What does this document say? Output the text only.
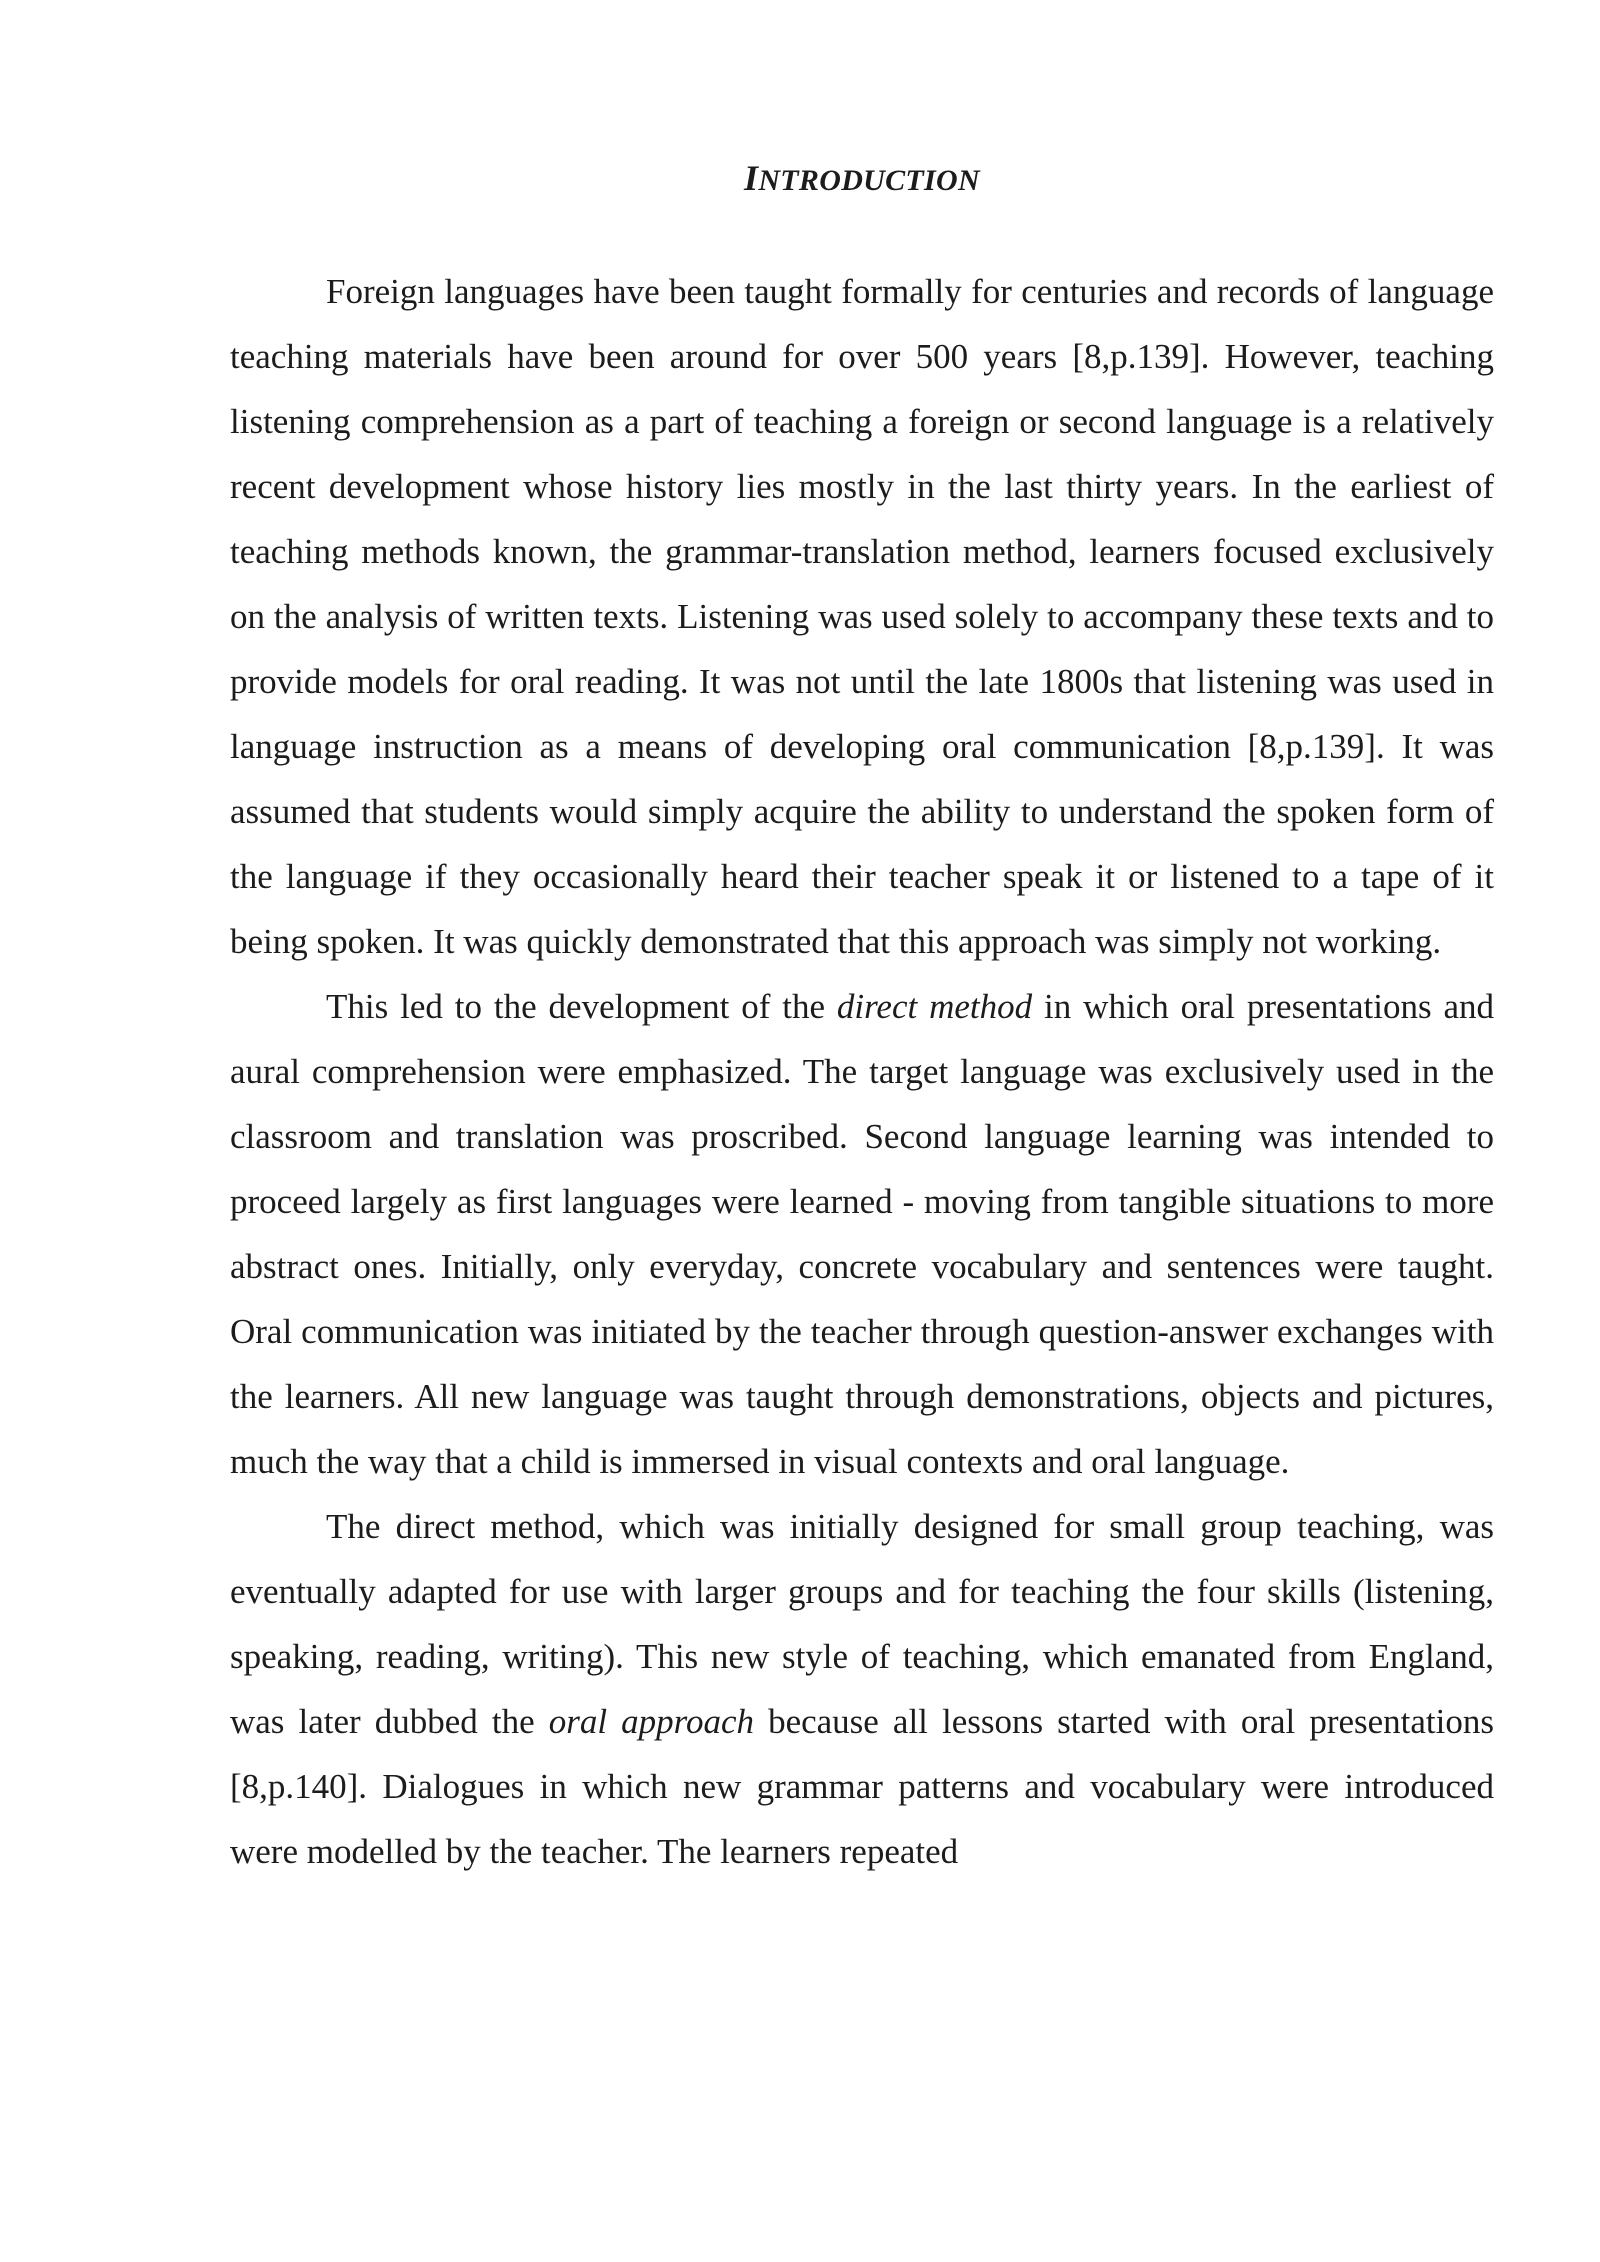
INTRODUCTION

Foreign languages have been taught formally for centuries and records of language teaching materials have been around for over 500 years [8,p.139]. However, teaching listening comprehension as a part of teaching a foreign or second language is a relatively recent development whose history lies mostly in the last thirty years. In the earliest of teaching methods known, the grammar-translation method, learners focused exclusively on the analysis of written texts. Listening was used solely to accompany these texts and to provide models for oral reading. It was not until the late 1800s that listening was used in language instruction as a means of developing oral communication [8,p.139]. It was assumed that students would simply acquire the ability to understand the spoken form of the language if they occasionally heard their teacher speak it or listened to a tape of it being spoken. It was quickly demonstrated that this approach was simply not working.

This led to the development of the direct method in which oral presentations and aural comprehension were emphasized. The target language was exclusively used in the classroom and translation was proscribed. Second language learning was intended to proceed largely as first languages were learned - moving from tangible situations to more abstract ones. Initially, only everyday, concrete vocabulary and sentences were taught. Oral communication was initiated by the teacher through question-answer exchanges with the learners. All new language was taught through demonstrations, objects and pictures, much the way that a child is immersed in visual contexts and oral language.

The direct method, which was initially designed for small group teaching, was eventually adapted for use with larger groups and for teaching the four skills (listening, speaking, reading, writing). This new style of teaching, which emanated from England, was later dubbed the oral approach because all lessons started with oral presentations [8,p.140]. Dialogues in which new grammar patterns and vocabulary were introduced were modelled by the teacher. The learners repeated
